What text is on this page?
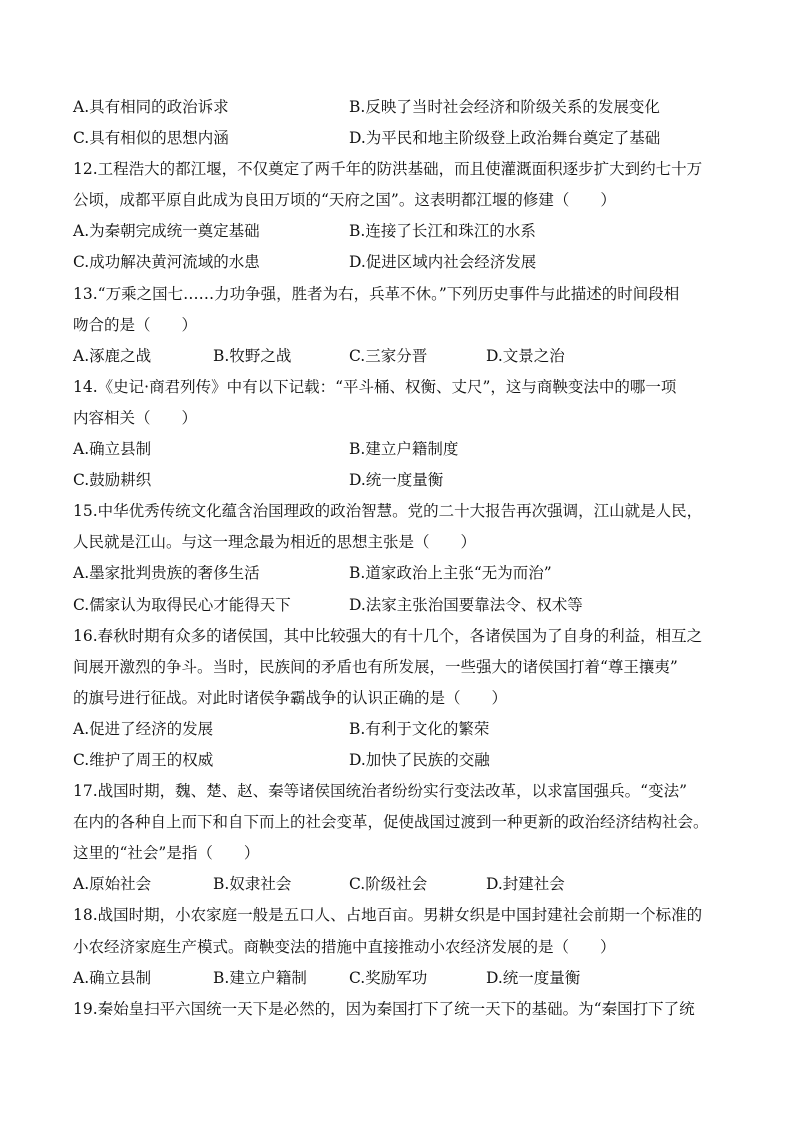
A.具有相同的政治诉求	B.反映了当时社会经济和阶级关系的发展变化
C.具有相似的思想内涵	D.为平民和地主阶级登上政治舞台奠定了基础
12.工程浩大的都江堰，不仅奠定了两千年的防洪基础，而且使灌溉面积逐步扩大到约七十万
公顷，成都平原自此成为良田万顷的“天府之国”。这表明都江堰的修建（　　）
A.为秦朝完成统一奠定基础	B.连接了长江和珠江的水系
C.成功解决黄河流域的水患	D.促进区域内社会经济发展
13.“万乘之国七……力功争强，胜者为右，兵革不休。”下列历史事件与此描述的时间段相
吻合的是（　　）
A.涿鹿之战	B.牧野之战	C.三家分晋	D.文景之治
14.《史记·商君列传》中有以下记载：“平斗桶、权衡、丈尺”，这与商鞅变法中的哪一项
内容相关（　　）
A.确立县制	B.建立户籍制度
C.鼓励耕织	D.统一度量衡
15.中华优秀传统文化蕴含治国理政的政治智慧。党的二十大报告再次强调，江山就是人民，
人民就是江山。与这一理念最为相近的思想主张是（　　）
A.墨家批判贵族的奢侈生活	B.道家政治上主张“无为而治”
C.儒家认为取得民心才能得天下	D.法家主张治国要靠法令、权术等
16.春秋时期有众多的诸侯国，其中比较强大的有十几个，各诸侯国为了自身的利益，相互之
间展开激烈的争斗。当时，民族间的矛盾也有所发展，一些强大的诸侯国打着“尊王攘夷”
的旗号进行征战。对此时诸侯争霸战争的认识正确的是（　　）
A.促进了经济的发展	B.有利于文化的繁荣
C.维护了周王的权威	D.加快了民族的交融
17.战国时期，魏、楚、赵、秦等诸侯国统治者纷纷实行变法改革，以求富国强兵。“变法”
在内的各种自上而下和自下而上的社会变革，促使战国过渡到一种更新的政治经济结构社会。
这里的“社会”是指（　　）
A.原始社会	B.奴隶社会	C.阶级社会	D.封建社会
18.战国时期，小农家庭一般是五口人、占地百亩。男耕女织是中国封建社会前期一个标准的
小农经济家庭生产模式。商鞅变法的措施中直接推动小农经济发展的是（　　）
A.确立县制	B.建立户籍制	C.奖励军功	D.统一度量衡
19.秦始皇扫平六国统一天下是必然的，因为秦国打下了统一天下的基础。为“秦国打下了统
